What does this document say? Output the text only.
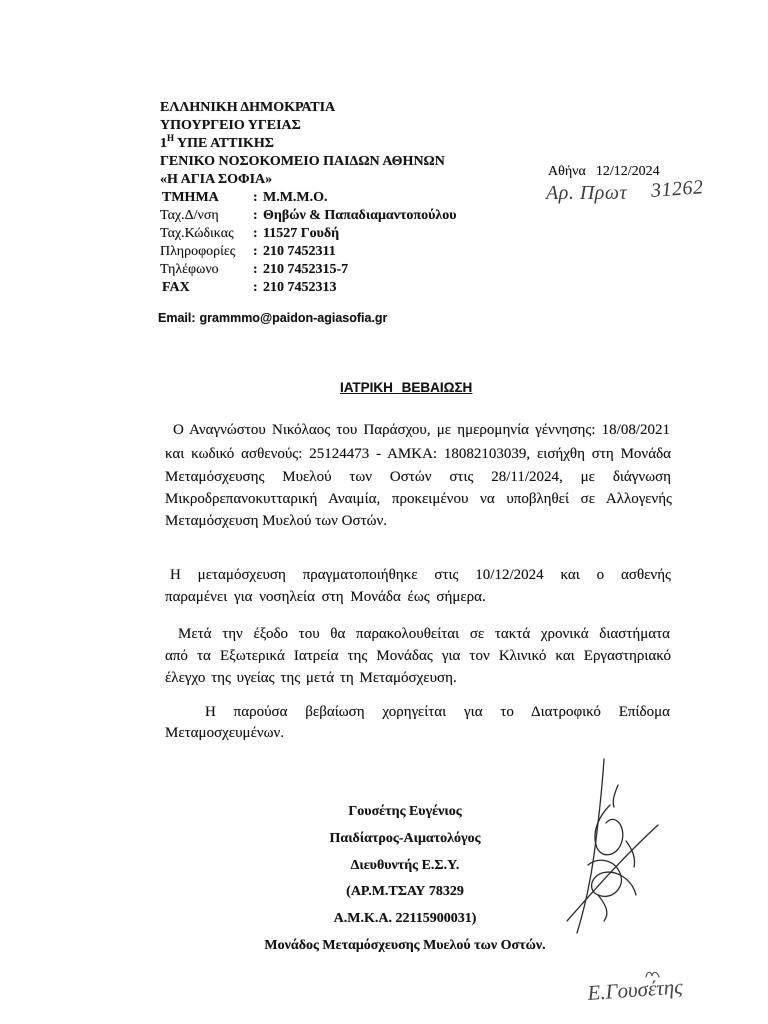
ΕΛΛΗΝΙΚΗ ΔΗΜΟΚΡΑΤΙΑ
ΥΠΟΥΡΓΕΙΟ ΥΓΕΙΑΣ
$1^H$ ΥΠΕ ΑΤΤΙΚΗΣ
ΓΕΝΙΚΟ ΝΟΣΟΚΟΜΕΙΟ ΠΑΙΔΩΝ ΑΘΗΝΩΝ
«Η ΑΓΙΑ ΣΟΦΙΑ»
ΤΜΗΜΑ	: Μ.Μ.Μ.Ο.
Ταχ.Δ/νση	: Θηβών & Παπαδιαμαντοπούλου
Ταχ.Κώδικας	: 11527 Γουδή
Πληροφορίες	: 210 7452311
Τηλέφωνο	: 210 7452315-7
FAX	: 210 7452313
Email: grammmo@paidon-agiasofia.gr
Αθήνα 12/12/2024
Αρ. Πρωτ 31262
ΙΑΤΡΙΚΗ ΒΕΒΑΙΩΣΗ
Ο Αναγνώστου Νικόλαος του Παράσχου, με ημερομηνία γέννησης: 18/08/2021
και κωδικό ασθενούς: 25124473 - ΑΜΚΑ: 18082103039, εισήχθη στη Μονάδα
Μεταμόσχευσης Μυελού των Οστών στις 28/11/2024, με διάγνωση
Μικροδρεπανοκυτταρική Αναιμία, προκειμένου να υποβληθεί σε Αλλογενής
Μεταμόσχευση Μυελού των Οστών.
Η μεταμόσχευση πραγματοποιήθηκε στις 10/12/2024 και ο ασθενής
παραμένει για νοσηλεία στη Μονάδα έως σήμερα.
Μετά την έξοδο του θα παρακολουθείται σε τακτά χρονικά διαστήματα
από τα Εξωτερικά Ιατρεία της Μονάδας για τον Κλινικό και Εργαστηριακό
έλεγχο της υγείας της μετά τη Μεταμόσχευση.
Η παρούσα βεβαίωση χορηγείται για το Διατροφικό Επίδομα
Μεταμοσχευμένων.
Γουσέτης Ευγένιος
Παιδίατρος-Αιματολόγος
Διευθυντής Ε.Σ.Υ.
(ΑΡ.Μ.ΤΣΑΥ 78329
Α.Μ.Κ.Α. 22115900031)
Μονάδος Μεταμόσχευσης Μυελού των Οστών.
Ε.Γουσέτης
